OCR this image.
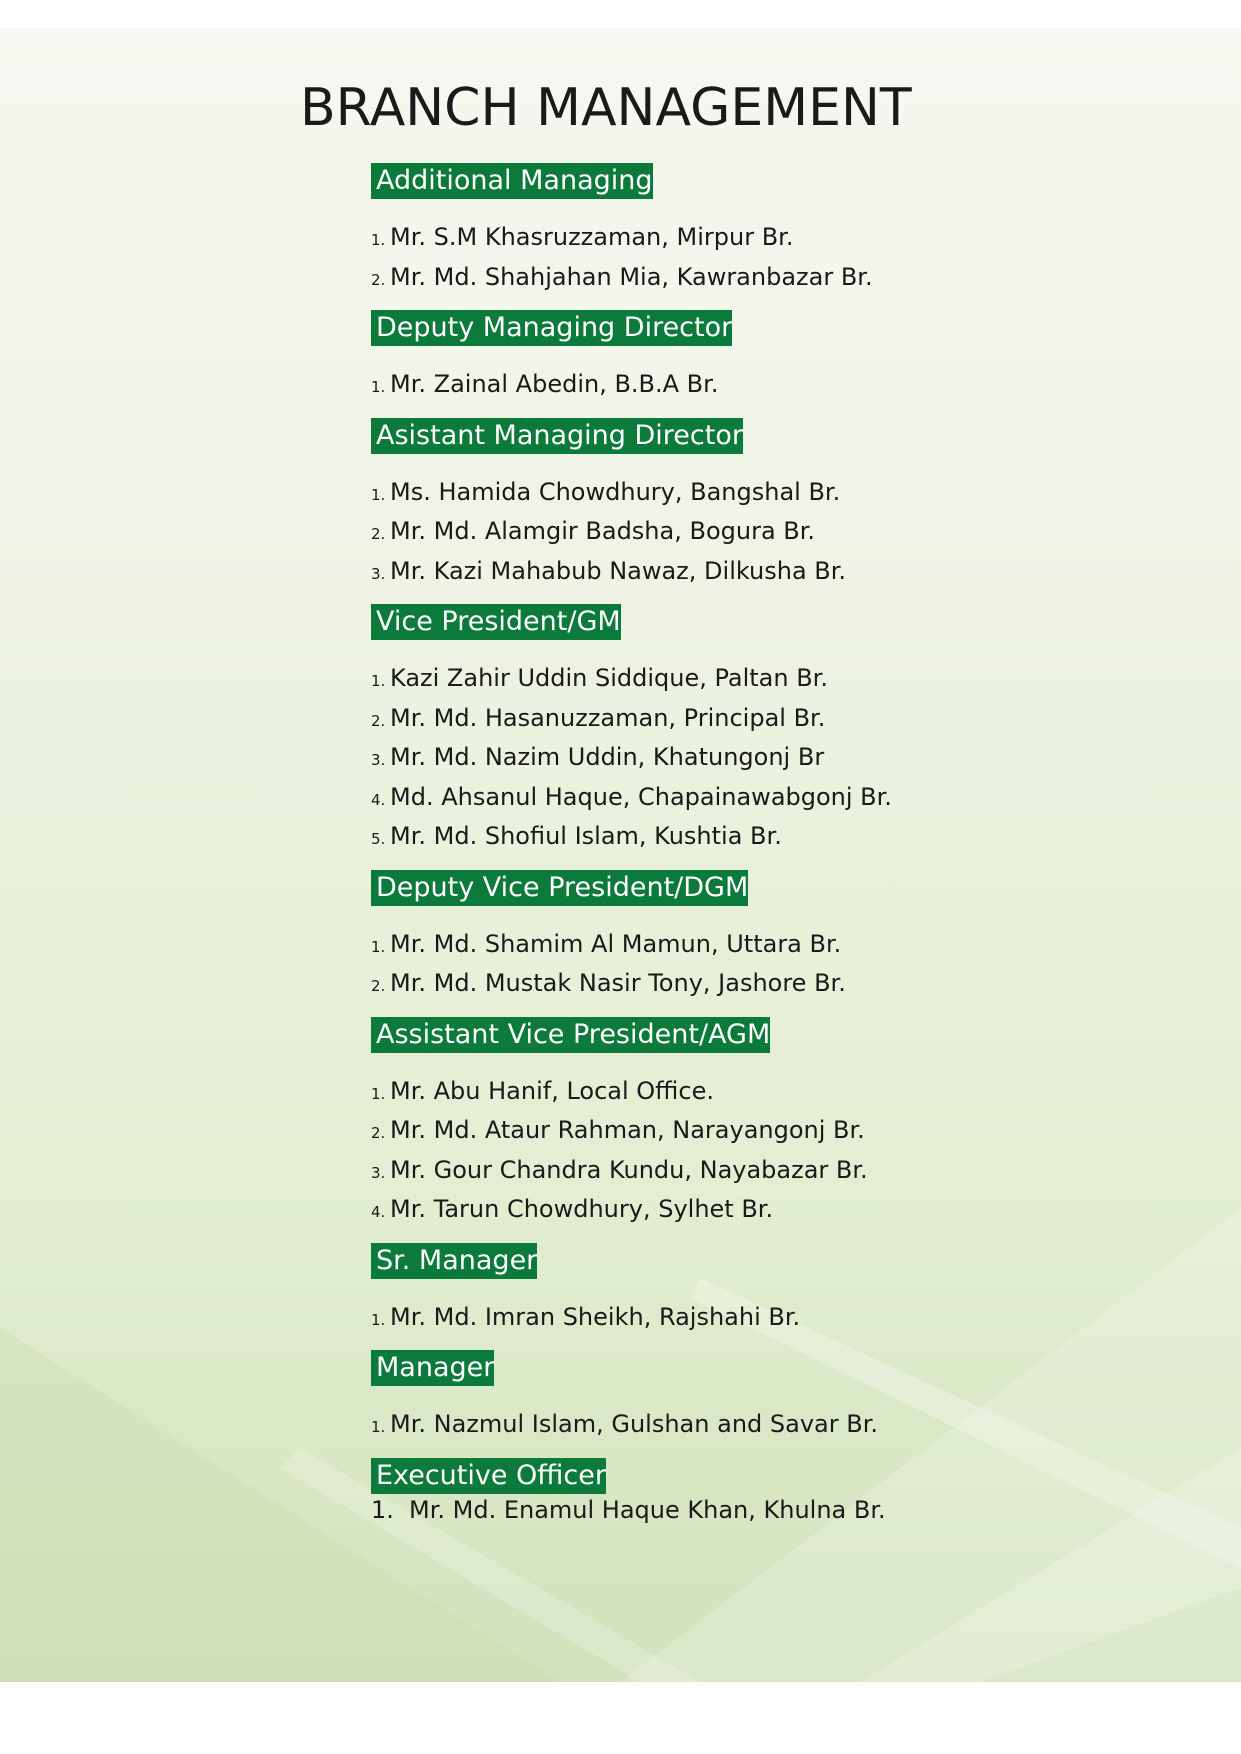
BRANCH MANAGEMENT
Additional Managing
1. Mr. S.M Khasruzzaman, Mirpur Br.
2. Mr. Md. Shahjahan Mia, Kawranbazar Br.
Deputy Managing Director
1. Mr. Zainal Abedin, B.B.A Br.
Asistant Managing Director
1. Ms. Hamida Chowdhury, Bangshal Br.
2. Mr. Md. Alamgir Badsha, Bogura Br.
3. Mr. Kazi Mahabub Nawaz, Dilkusha Br.
Vice President/GM
1. Kazi Zahir Uddin Siddique, Paltan Br.
2. Mr. Md. Hasanuzzaman, Principal Br.
3. Mr. Md. Nazim Uddin, Khatungonj Br
4. Md. Ahsanul Haque, Chapainawabgonj Br.
5. Mr. Md. Shofiul Islam, Kushtia Br.
Deputy Vice President/DGM
1. Mr. Md. Shamim Al Mamun, Uttara Br.
2. Mr. Md. Mustak Nasir Tony, Jashore Br.
Assistant Vice President/AGM
1. Mr. Abu Hanif, Local Office.
2. Mr. Md. Ataur Rahman, Narayangonj Br.
3. Mr. Gour Chandra Kundu, Nayabazar Br.
4. Mr. Tarun Chowdhury, Sylhet Br.
Sr. Manager
1. Mr. Md. Imran Sheikh, Rajshahi Br.
Manager
1. Mr. Nazmul Islam, Gulshan and Savar Br.
Executive Officer
1. Mr. Md. Enamul Haque Khan, Khulna Br.
